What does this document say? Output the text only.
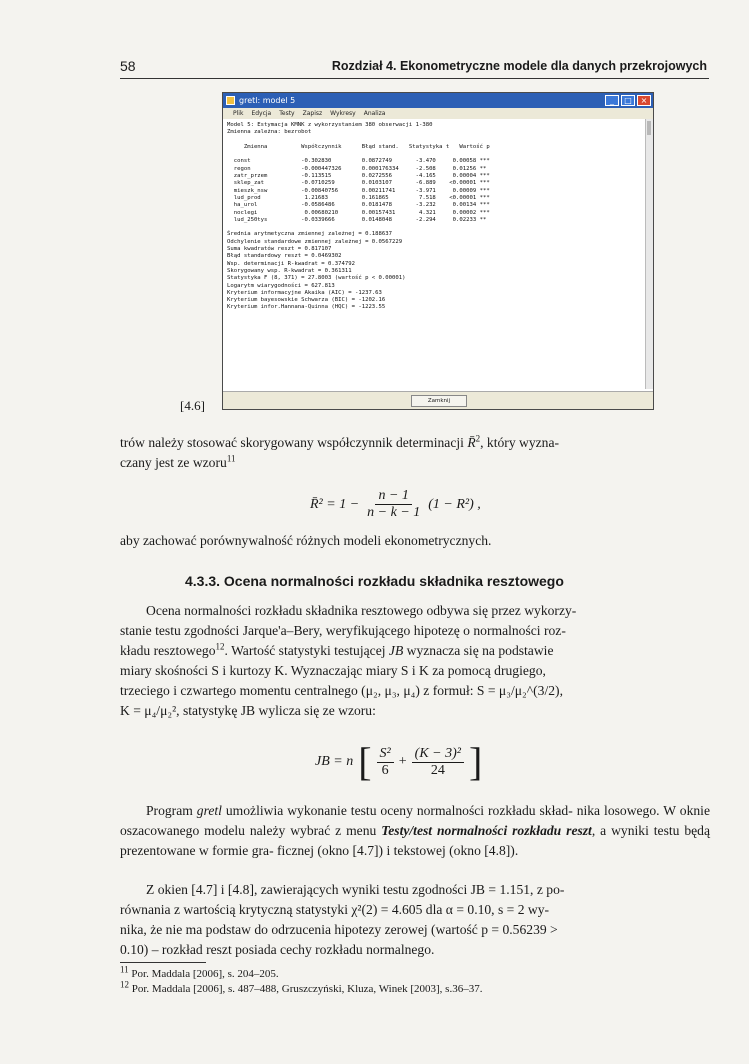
58	Rozdział 4. Ekonometryczne modele dla danych przekrojowych
gretl: model 5	_	□	×
Plik Edycja Testy Zapisz Wykresy Analiza
Model 5: Estymacja KMNK z wykorzystaniem 380 obserwacji 1-380
Zmienna zależna: bezrobot

Zmienna          Współczynnik      Błąd stand.   Statystyka t   Wartość p

const               -0.302830         0.0872749       -3.470     0.00058 ***
regon               -0.000447326      0.000176334     -2.508     0.01256 **
zatr_przem          -0.113515         0.0272556       -4.165     0.00004 ***
sklep_zat           -0.0710259        0.0103107       -6.889    <0.00001 ***
mieszk_nsw          -0.00840756       0.00211741      -3.971     0.00009 ***
lud_prod             1.21683          0.161865         7.518    <0.00001 ***
ha_urol             -0.0586486        0.0181478       -3.232     0.00134 ***
noclegi              0.00680210       0.00157431       4.321     0.00002 ***
lud_250tys          -0.0339666        0.0148048       -2.294     0.02233 **

Średnia arytmetyczna zmiennej zależnej = 0.188637
Odchylenie standardowe zmiennej zależnej = 0.0567229
Suma kwadratów reszt = 0.817107
Błąd standardowy reszt = 0.0469302
Wsp. determinacji R-kwadrat = 0.374792
Skorygowany wsp. R-kwadrat = 0.361311
Statystyka F (8, 371) = 27.8003 (wartość p < 0.00001)
Logarytm wiarygodności = 627.813
Kryterium informacyjne Akaika (AIC) = -1237.63
Kryterium bayesowskie Schwarza (BIC) = -1202.16
Kryterium infor.Hannana-Quinna (HQC) = -1223.55
Zamknij
[4.6]
trów należy stosować skorygowany współczynnik determinacji R̄$^2$, który wyzna-
czany jest ze wzoru$^{11}$
R̄² = $1 - \frac{n - 1}{n - k - 1} (1 - R^2)$ ,
aby zachować porównywalność różnych modeli ekonometrycznych.
4.3.3. Ocena normalności rozkładu składnika resztowego
Ocena normalności rozkładu składnika resztowego odbywa się przez wykorzy-
stanie testu zgodności Jarque'a–Bery, weryfikującego hipotezę o normalności roz-
kładu resztowego$^{12}$. Wartość statystyki testującej JB wyznacza się na podstawie
miary skośności S i kurtozy K. Wyznaczając miary S i K za pomocą drugiego,
trzeciego i czwartego momentu centralnego (μ₂, μ₃, μ₄) z formuł: S = μ₃/μ₂^(3/2),
K = μ₄/μ₂², statystykę JB wylicza się ze wzoru:
JB = n [ $\frac{\text{S²}}{6} + \frac{\text{(K − 3)²}}{24}$ ]
Program gretl umożliwia wykonanie testu oceny normalności rozkładu skład- nika losowego. W oknie oszacowanego modelu należy wybrać z menu Testy/test normalności rozkładu reszt, a wyniki testu będą prezentowane w formie gra- ficznej (okno [4.7]) i tekstowej (okno [4.8]).
Z okien [4.7] i [4.8], zawierających wyniki testu zgodności JB = 1.151, z po-
równania z wartością krytyczną statystyki χ²(2) = 4.605 dla α = 0.10, s = 2 wy-
nika, że nie ma podstaw do odrzucenia hipotezy zerowej (wartość p = 0.56239 >
0.10) – rozkład reszt posiada cechy rozkładu normalnego.
$^{11}$ Por. Maddala [2006], s. 204–205.
$^{12}$ Por. Maddala [2006], s. 487–488, Gruszczyński, Kluza, Winek [2003], s.36–37.
